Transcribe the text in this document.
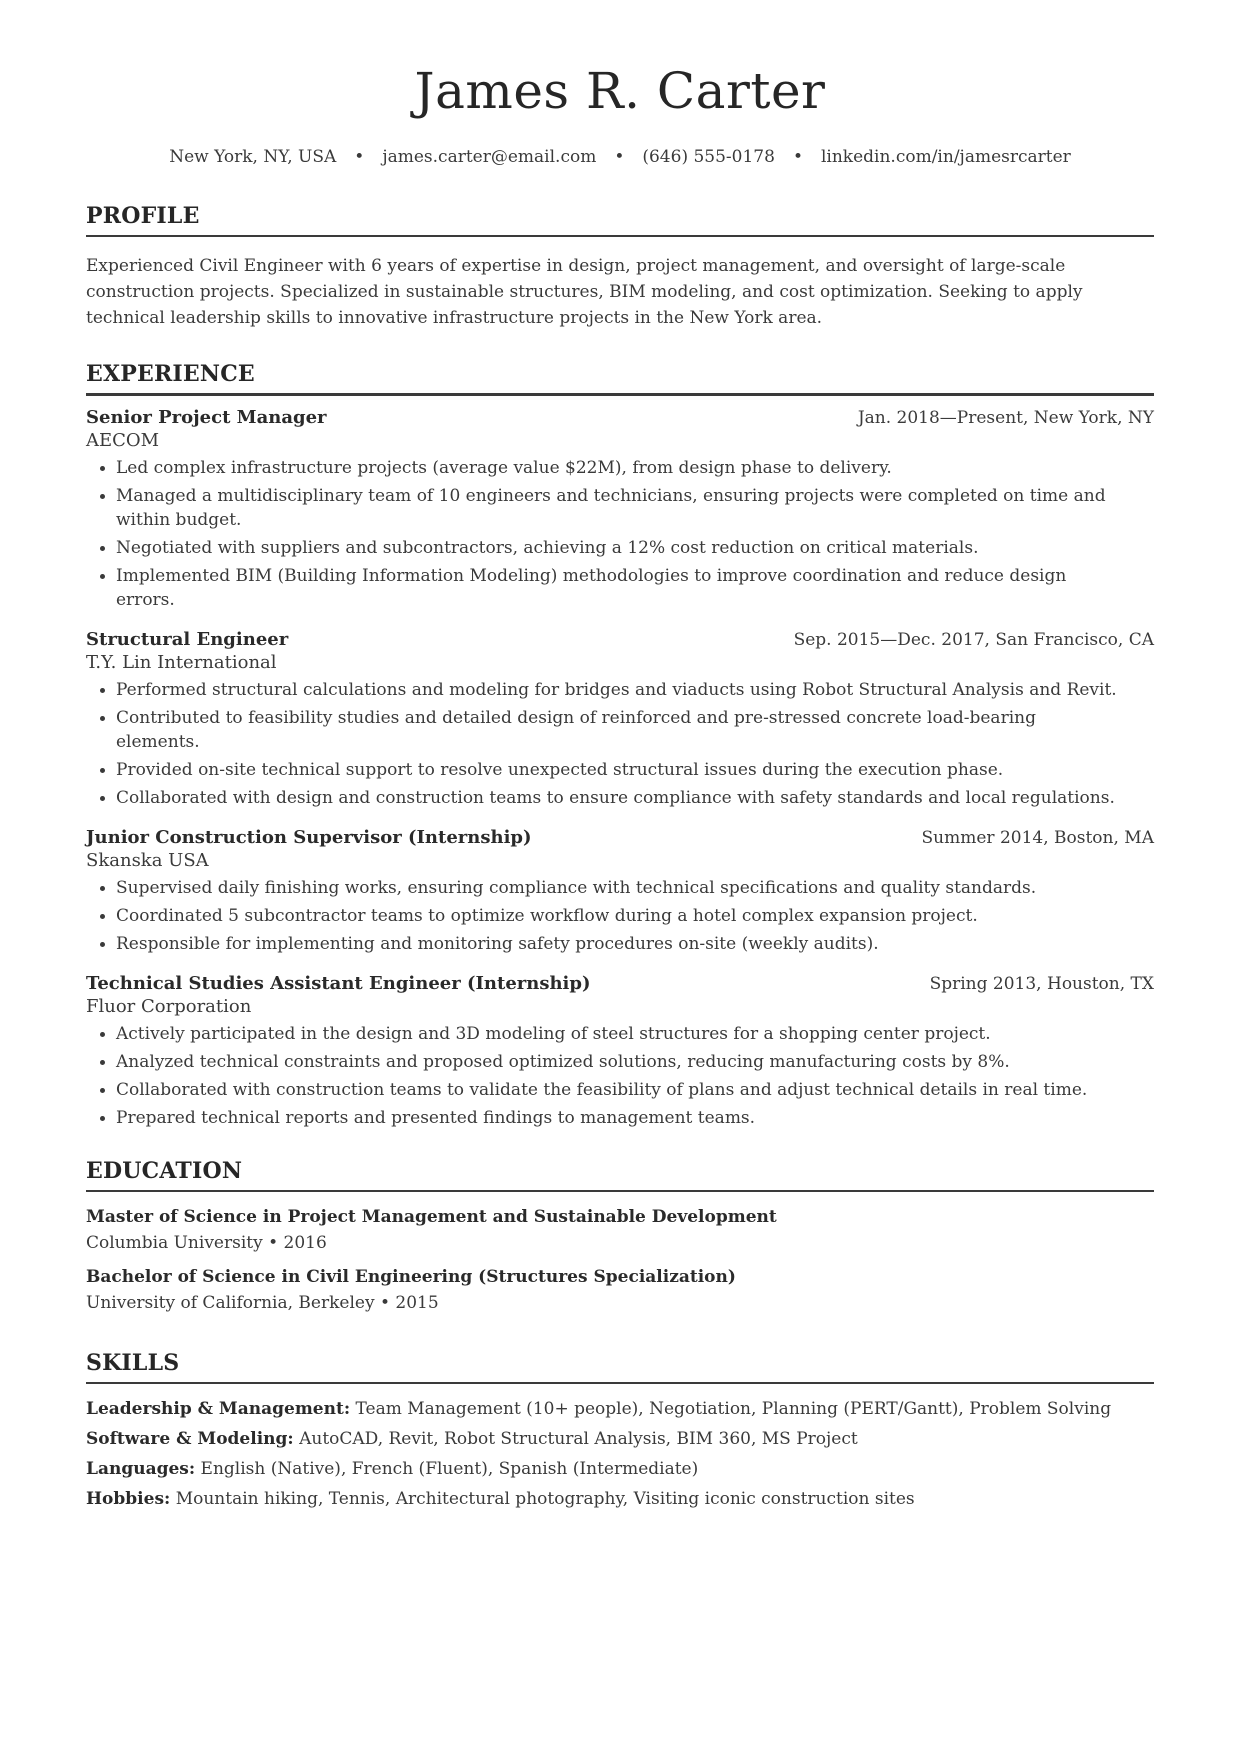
James R. Carter
New York, NY, USA • james.carter@email.com • (646) 555-0178 • linkedin.com/in/jamesrcarter
PROFILE
Experienced Civil Engineer with 6 years of expertise in design, project management, and oversight of large-scale construction projects. Specialized in sustainable structures, BIM modeling, and cost optimization. Seeking to apply technical leadership skills to innovative infrastructure projects in the New York area.
EXPERIENCE
Senior Project Manager	Jan. 2018—Present, New York, NY
AECOM
Led complex infrastructure projects (average value $22M), from design phase to delivery.
Managed a multidisciplinary team of 10 engineers and technicians, ensuring projects were completed on time and within budget.
Negotiated with suppliers and subcontractors, achieving a 12% cost reduction on critical materials.
Implemented BIM (Building Information Modeling) methodologies to improve coordination and reduce design errors.
Structural Engineer	Sep. 2015—Dec. 2017, San Francisco, CA
T.Y. Lin International
Performed structural calculations and modeling for bridges and viaducts using Robot Structural Analysis and Revit.
Contributed to feasibility studies and detailed design of reinforced and pre-stressed concrete load-bearing elements.
Provided on-site technical support to resolve unexpected structural issues during the execution phase.
Collaborated with design and construction teams to ensure compliance with safety standards and local regulations.
Junior Construction Supervisor (Internship)	Summer 2014, Boston, MA
Skanska USA
Supervised daily finishing works, ensuring compliance with technical specifications and quality standards.
Coordinated 5 subcontractor teams to optimize workflow during a hotel complex expansion project.
Responsible for implementing and monitoring safety procedures on-site (weekly audits).
Technical Studies Assistant Engineer (Internship)	Spring 2013, Houston, TX
Fluor Corporation
Actively participated in the design and 3D modeling of steel structures for a shopping center project.
Analyzed technical constraints and proposed optimized solutions, reducing manufacturing costs by 8%.
Collaborated with construction teams to validate the feasibility of plans and adjust technical details in real time.
Prepared technical reports and presented findings to management teams.
EDUCATION
Master of Science in Project Management and Sustainable Development
Columbia University • 2016
Bachelor of Science in Civil Engineering (Structures Specialization)
University of California, Berkeley • 2015
SKILLS
Leadership & Management: Team Management (10+ people), Negotiation, Planning (PERT/Gantt), Problem Solving
Software & Modeling: AutoCAD, Revit, Robot Structural Analysis, BIM 360, MS Project
Languages: English (Native), French (Fluent), Spanish (Intermediate)
Hobbies: Mountain hiking, Tennis, Architectural photography, Visiting iconic construction sites
